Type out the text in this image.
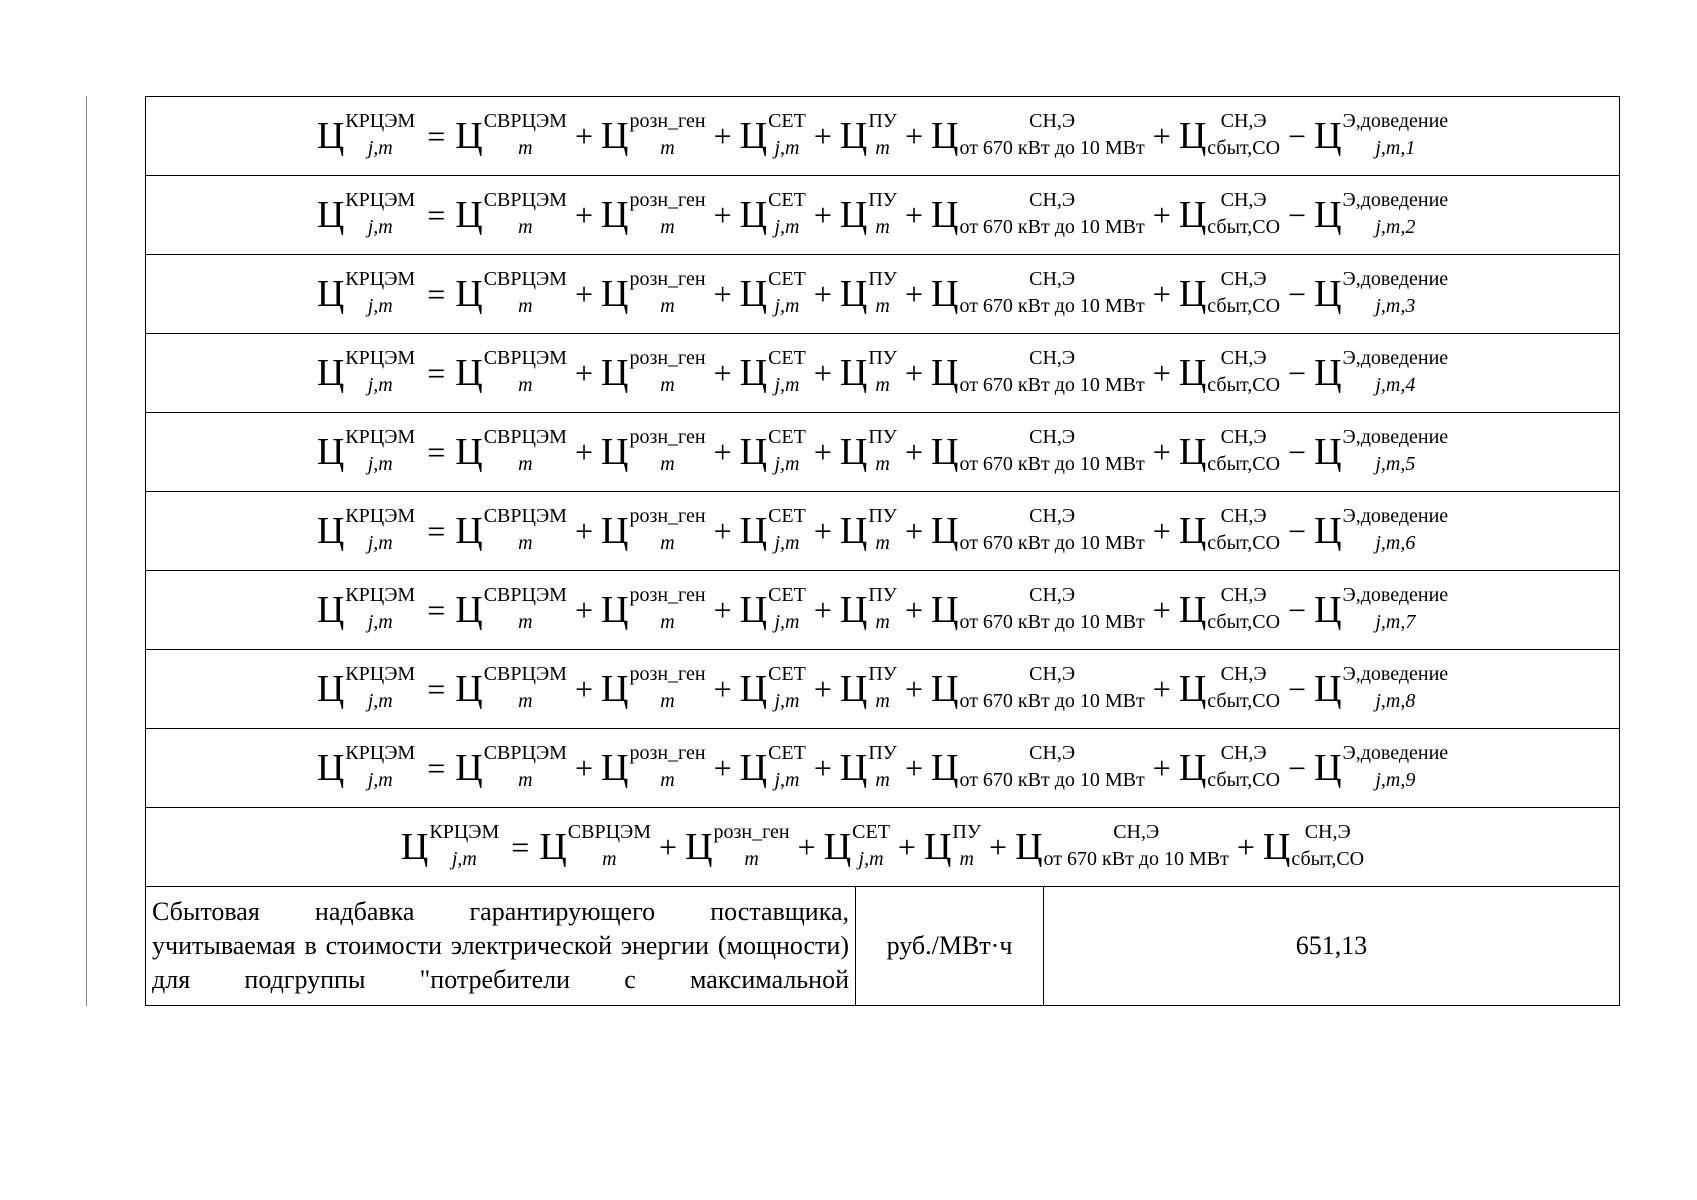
Ц КРЦЭМ
j,m	= Ц СВРЦЭМ
m	+ Ц розн_ген
m	+ Ц СЕТ
j,m + Ц ПУ
m + Ц	СН,Э
от 670 кВт до 10 МВт + Ц СН,Э
сбыт,СО − Ц Э,доведение
j,m,1

Ц КРЦЭМ
j,m	= Ц СВРЦЭМ
m	+ Ц розн_ген
m	+ Ц СЕТ
j,m + Ц ПУ
m + Ц	СН,Э
от 670 кВт до 10 МВт + Ц СН,Э
сбыт,СО − Ц Э,доведение
j,m,2

Ц КРЦЭМ
j,m	= Ц СВРЦЭМ
m	+ Ц розн_ген
m	+ Ц СЕТ
j,m + Ц ПУ
m + Ц	СН,Э
от 670 кВт до 10 МВт + Ц СН,Э
сбыт,СО − Ц Э,доведение
j,m,3

Ц КРЦЭМ
j,m	= Ц СВРЦЭМ
m	+ Ц розн_ген
m	+ Ц СЕТ
j,m + Ц ПУ
m + Ц	СН,Э
от 670 кВт до 10 МВт + Ц СН,Э
сбыт,СО − Ц Э,доведение
j,m,4

Ц КРЦЭМ
j,m	= Ц СВРЦЭМ
m	+ Ц розн_ген
m	+ Ц СЕТ
j,m + Ц ПУ
m + Ц	СН,Э
от 670 кВт до 10 МВт + Ц СН,Э
сбыт,СО − Ц Э,доведение
j,m,5

Ц КРЦЭМ
j,m	= Ц СВРЦЭМ
m	+ Ц розн_ген
m	+ Ц СЕТ
j,m + Ц ПУ
m + Ц	СН,Э
от 670 кВт до 10 МВт + Ц СН,Э
сбыт,СО − Ц Э,доведение
j,m,6

Ц КРЦЭМ
j,m	= Ц СВРЦЭМ
m	+ Ц розн_ген
m	+ Ц СЕТ
j,m + Ц ПУ
m + Ц	СН,Э
от 670 кВт до 10 МВт + Ц СН,Э
сбыт,СО − Ц Э,доведение
j,m,7

Ц КРЦЭМ
j,m	= Ц СВРЦЭМ
m	+ Ц розн_ген
m	+ Ц СЕТ
j,m + Ц ПУ
m + Ц	СН,Э
от 670 кВт до 10 МВт + Ц СН,Э
сбыт,СО − Ц Э,доведение
j,m,8

Ц КРЦЭМ
j,m	= Ц СВРЦЭМ
m	+ Ц розн_ген
m	+ Ц СЕТ
j,m + Ц ПУ
m + Ц	СН,Э
от 670 кВт до 10 МВт + Ц СН,Э
сбыт,СО − Ц Э,доведение
j,m,9

Ц КРЦЭМ
j,m	= Ц СВРЦЭМ
m	+ Ц розн_ген
m	+ Ц СЕТ
j,m + Ц ПУ
m + Ц	СН,Э
от 670 кВт до 10 МВт + Ц СН,Э
сбыт,СО

Сбытовая надбавка гарантирующего поставщика, учитываемая в стоимости электрической энергии (мощности) для подгруппы "потребители с максимальной	руб./МВт·ч	651,13
